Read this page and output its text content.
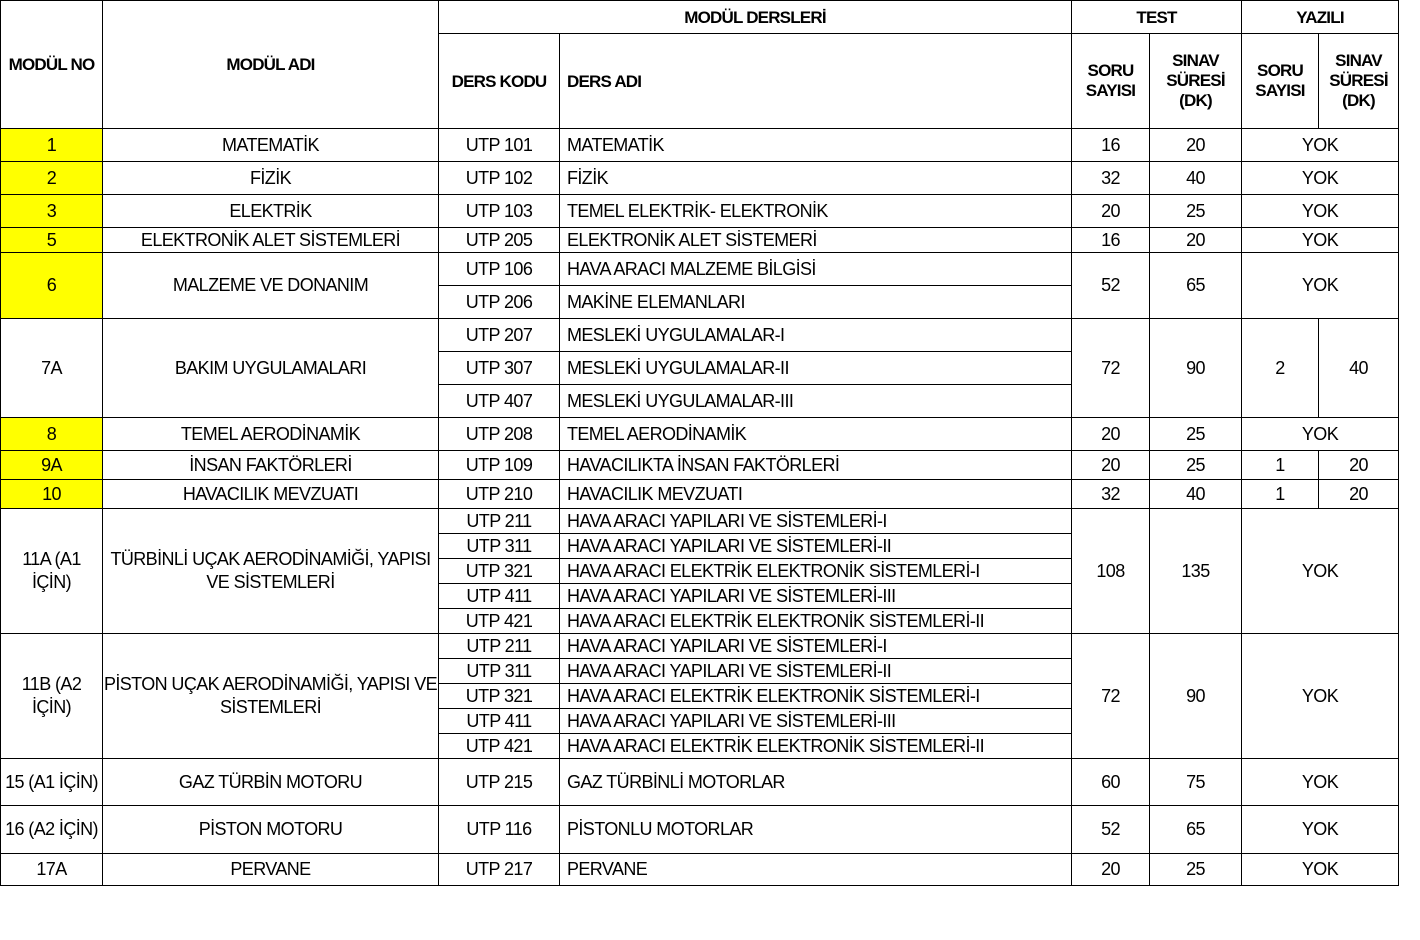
MODÜL NO	MODÜL ADI	MODÜL DERSLERİ		TEST		YAZILI	
		DERS KODU	DERS ADI	SORU SAYISI	SINAV SÜRESİ (DK)	SORU SAYISI	SINAV SÜRESİ (DK)
1	MATEMATİK	UTP 101	MATEMATİK	16	20	YOK	
2	FİZİK	UTP 102	FİZİK	32	40	YOK	
3	ELEKTRİK	UTP 103	TEMEL ELEKTRİK- ELEKTRONİK	20	25	YOK	
5	ELEKTRONİK ALET SİSTEMLERİ	UTP 205	ELEKTRONİK ALET SİSTEMERİ	16	20	YOK	
6	MALZEME VE DONANIM	UTP 106	HAVA ARACI MALZEME BİLGİSİ	52	65	YOK	
		UTP 206	MAKİNE ELEMANLARI				
7A	BAKIM UYGULAMALARI	UTP 207	MESLEKİ UYGULAMALAR-I	72	90	2	40
		UTP 307	MESLEKİ UYGULAMALAR-II				
		UTP 407	MESLEKİ UYGULAMALAR-III				
8	TEMEL AERODİNAMİK	UTP 208	TEMEL AERODİNAMİK	20	25	YOK	
9A	İNSAN FAKTÖRLERİ	UTP 109	HAVACILIKTA İNSAN FAKTÖRLERİ	20	25	1	20
10	HAVACILIK MEVZUATI	UTP 210	HAVACILIK MEVZUATI	32	40	1	20
11A (A1 İÇİN)	TÜRBİNLİ UÇAK AERODİNAMİĞİ, YAPISI VE SİSTEMLERİ	UTP 211	HAVA ARACI YAPILARI VE SİSTEMLERİ-I	108	135	YOK	
		UTP 311	HAVA ARACI YAPILARI VE SİSTEMLERİ-II				
		UTP 321	HAVA ARACI ELEKTRİK ELEKTRONİK SİSTEMLERİ-I				
		UTP 411	HAVA ARACI YAPILARI VE SİSTEMLERİ-III				
		UTP 421	HAVA ARACI ELEKTRİK ELEKTRONİK SİSTEMLERİ-II				
11B (A2 İÇİN)	PİSTON UÇAK AERODİNAMİĞİ, YAPISI VE SİSTEMLERİ	UTP 211	HAVA ARACI YAPILARI VE SİSTEMLERİ-I	72	90	YOK	
		UTP 311	HAVA ARACI YAPILARI VE SİSTEMLERİ-II				
		UTP 321	HAVA ARACI ELEKTRİK ELEKTRONİK SİSTEMLERİ-I				
		UTP 411	HAVA ARACI YAPILARI VE SİSTEMLERİ-III				
		UTP 421	HAVA ARACI ELEKTRİK ELEKTRONİK SİSTEMLERİ-II				
15 (A1 İÇİN)	GAZ TÜRBİN MOTORU	UTP 215	GAZ TÜRBİNLİ MOTORLAR	60	75	YOK	
16 (A2 İÇİN)	PİSTON MOTORU	UTP 116	PİSTONLU MOTORLAR	52	65	YOK	
17A	PERVANE	UTP 217	PERVANE	20	25	YOK	
